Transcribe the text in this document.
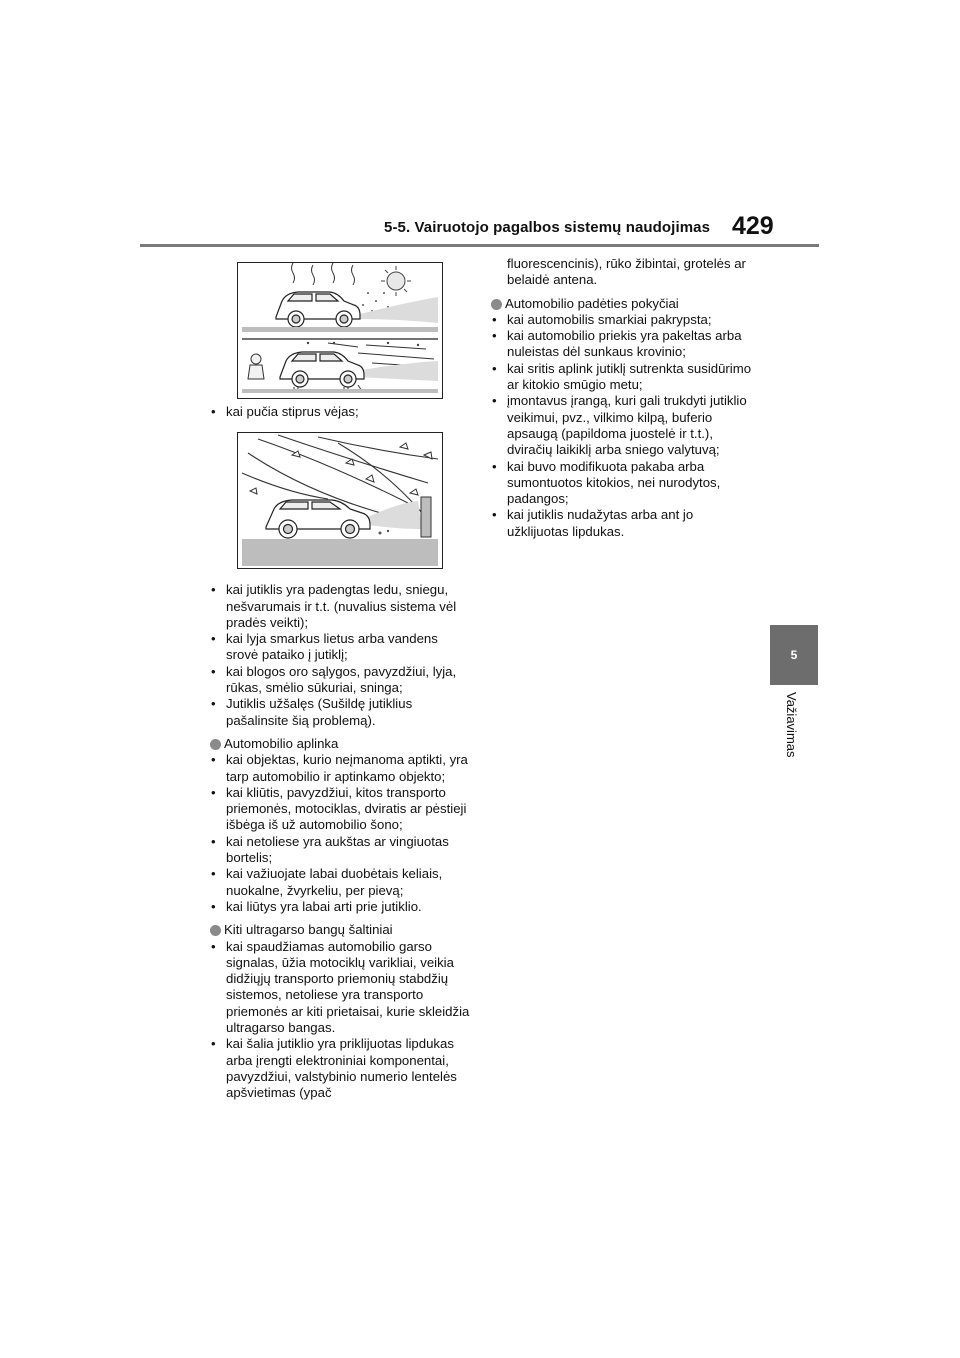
5-5. Vairuotojo pagalbos sistemų naudojimas 429
5
Važiavimas
• kai pučia stiprus vėjas;
• kai jutiklis yra padengtas ledu, sniegu, nešvarumais ir t.t. (nuvalius sistema vėl pradės veikti);
• kai lyja smarkus lietus arba vandens srovė pataiko į jutiklį;
• kai blogos oro sąlygos, pavyzdžiui, lyja, rūkas, smėlio sūkuriai, sninga;
• Jutiklis užšalęs (Sušildę jutiklius pašalinsite šią problemą).
Automobilio aplinka
• kai objektas, kurio neįmanoma aptikti, yra tarp automobilio ir aptinkamo objekto;
• kai kliūtis, pavyzdžiui, kitos transporto priemonės, motociklas, dviratis ar pėstieji išbėga iš už automobilio šono;
• kai netoliese yra aukštas ar vingiuotas bortelis;
• kai važiuojate labai duobėtais keliais, nuokalne, žvyrkeliu, per pievą;
• kai liūtys yra labai arti prie jutiklio.
Kiti ultragarso bangų šaltiniai
• kai spaudžiamas automobilio garso signalas, ūžia motociklų varikliai, veikia didžiųjų transporto priemonių stabdžių sistemos, netoliese yra transporto priemonės ar kiti prietaisai, kurie skleidžia ultragarso bangas.
• kai šalia jutiklio yra priklijuotas lipdukas arba įrengti elektroniniai komponentai, pavyzdžiui, valstybinio numerio lentelės apšvietimas (ypač
fluorescencinis), rūko žibintai, grotelės ar belaidė antena.
Automobilio padėties pokyčiai
• kai automobilis smarkiai pakrypsta;
• kai automobilio priekis yra pakeltas arba nuleistas dėl sunkaus krovinio;
• kai sritis aplink jutiklį sutrenkta susidūrimo ar kitokio smūgio metu;
• įmontavus įrangą, kuri gali trukdyti jutiklio veikimui, pvz., vilkimo kilpą, buferio apsaugą (papildoma juostelė ir t.t.), dviračių laikiklį arba sniego valytuvą;
• kai buvo modifikuota pakaba arba sumontuotos kitokios, nei nurodytos, padangos;
• kai jutiklis nudažytas arba ant jo užklijuotas lipdukas.
